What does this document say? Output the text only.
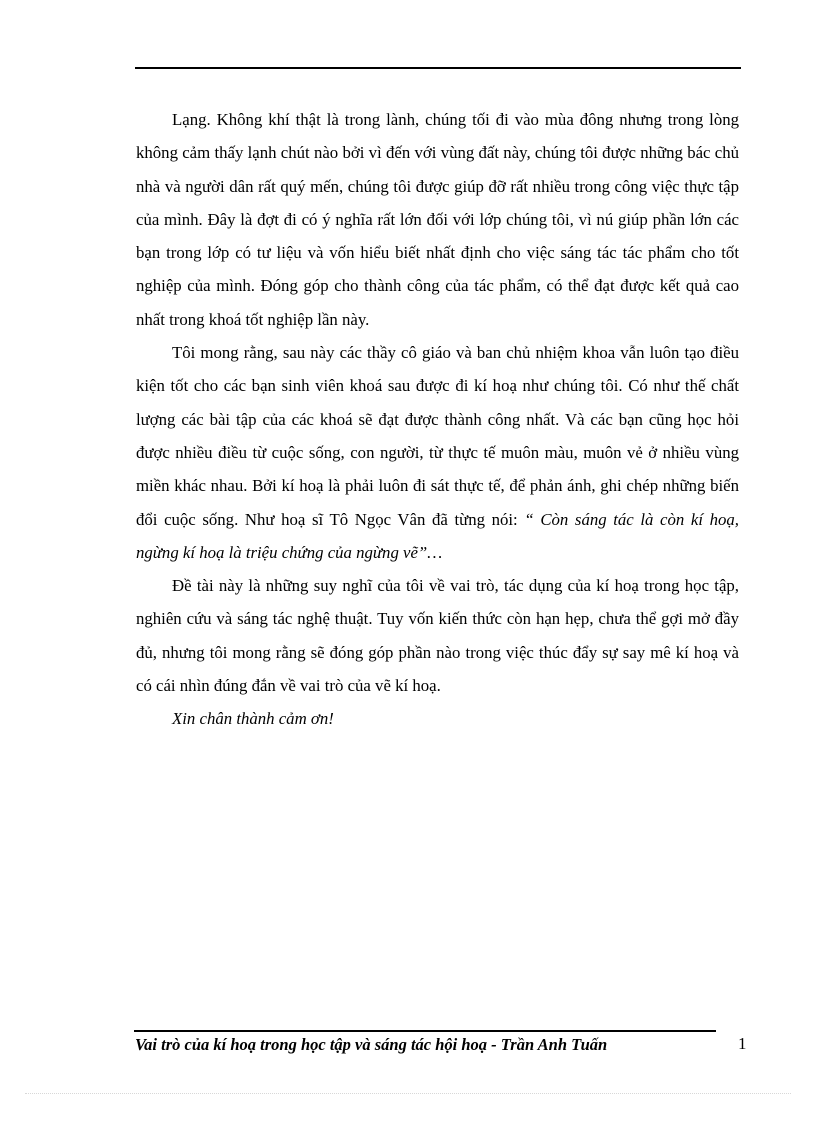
Lạng. Không khí thật là trong lành, chúng tối đi vào mùa đông nhưng trong lòng không cảm thấy lạnh chút nào bởi vì đến với vùng đất này, chúng tôi được những bác chủ nhà và người dân rất quý mến, chúng tôi được giúp đỡ rất nhiều trong công việc thực tập của mình. Đây là đợt đi có ý nghĩa rất lớn đối với lớp chúng tôi, vì nú giúp phần lớn các bạn trong lớp có tư liệu và vốn hiểu biết nhất định cho việc sáng tác tác phẩm cho tốt nghiệp của mình. Đóng góp cho thành công của tác phẩm, có thể đạt được kết quả cao nhất trong khoá tốt nghiệp lần này.

Tôi mong rằng, sau này các thầy cô giáo và ban chủ nhiệm khoa vẫn luôn tạo điều kiện tốt cho các bạn sinh viên khoá sau được đi kí hoạ như chúng tôi. Có như thế chất lượng các bài tập của các khoá sẽ đạt được thành công nhất. Và các bạn cũng học hỏi được nhiều điều từ cuộc sống, con người, từ thực tế muôn màu, muôn vẻ ở nhiều vùng miền khác nhau. Bởi kí hoạ là phải luôn đi sát thực tế, để phản ánh, ghi chép những biến đổi cuộc sống. Như hoạ sĩ Tô Ngọc Vân đã từng nói: “ Còn sáng tác là còn kí hoạ, ngừng kí hoạ là triệu chứng của ngừng vẽ”…

Đề tài này là những suy nghĩ của tôi về vai trò, tác dụng của kí hoạ trong học tập, nghiên cứu và sáng tác nghệ thuật. Tuy vốn kiến thức còn hạn hẹp, chưa thể gợi mở đầy đủ, nhưng tôi mong rằng sẽ đóng góp phần nào trong việc thúc đẩy sự say mê kí hoạ và có cái nhìn đúng đắn về vai trò của vẽ kí hoạ.

Xin chân thành cảm ơn!

Vai trò của kí hoạ trong học tập và sáng tác hội hoạ - Trần Anh Tuấn	1
